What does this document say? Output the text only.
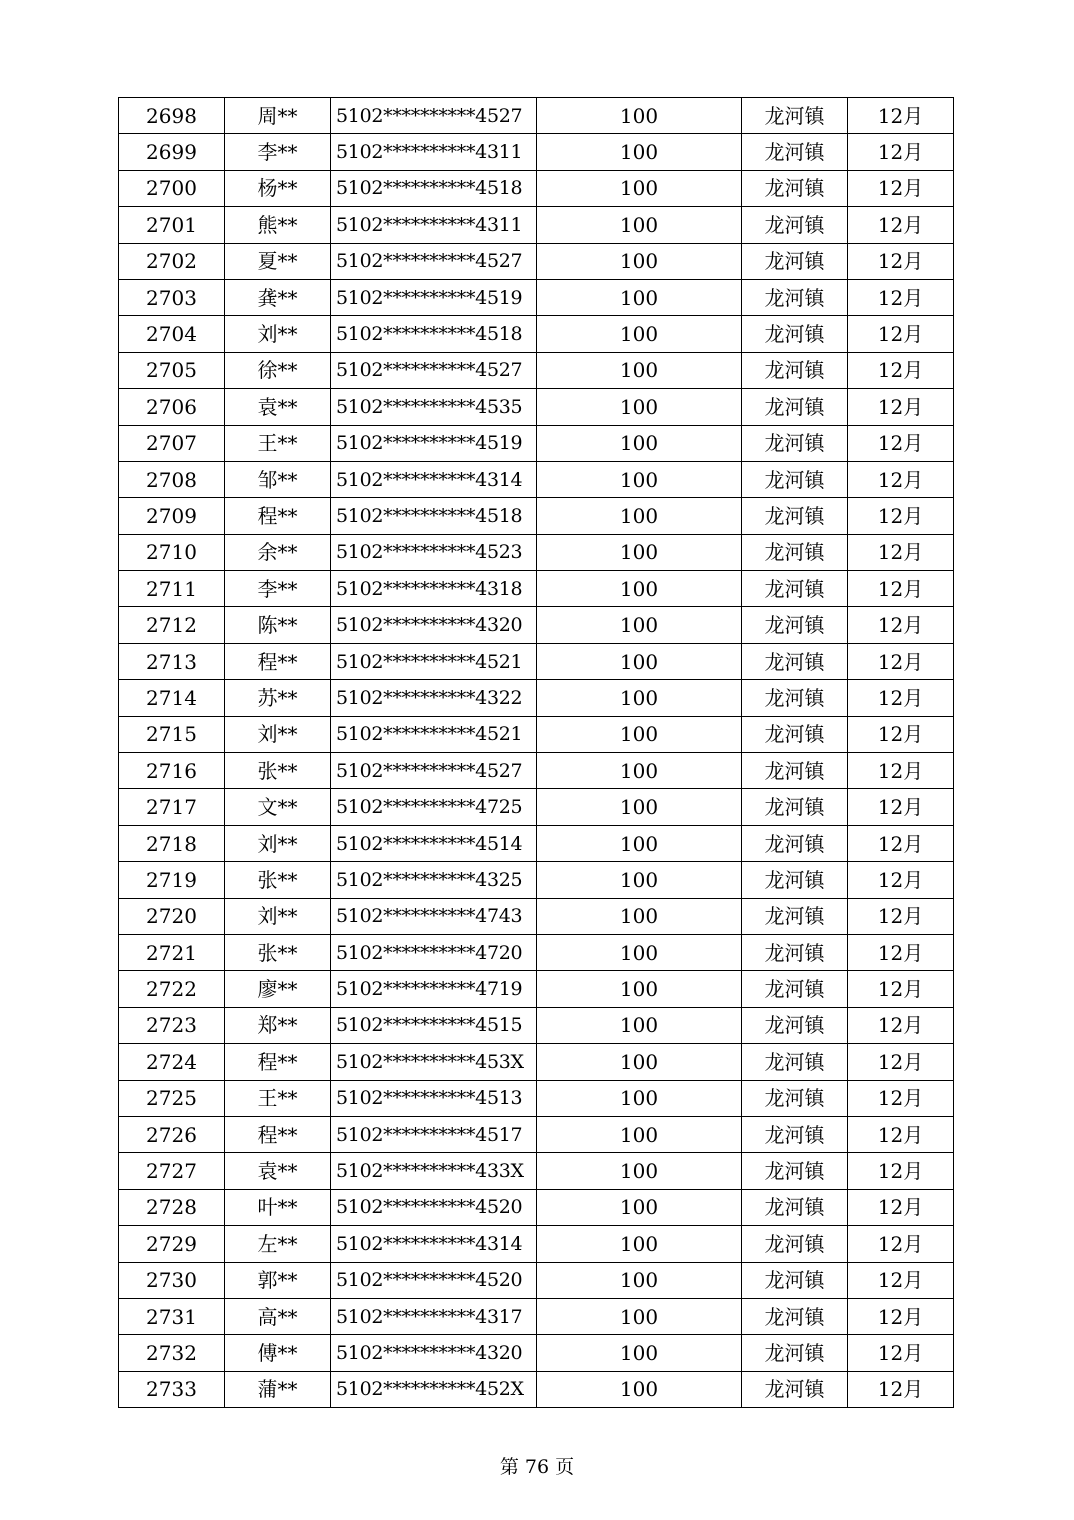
2698	周**	5102**********4527	100	龙河镇	12月
2699	李**	5102**********4311	100	龙河镇	12月
2700	杨**	5102**********4518	100	龙河镇	12月
2701	熊**	5102**********4311	100	龙河镇	12月
2702	夏**	5102**********4527	100	龙河镇	12月
2703	龚**	5102**********4519	100	龙河镇	12月
2704	刘**	5102**********4518	100	龙河镇	12月
2705	徐**	5102**********4527	100	龙河镇	12月
2706	袁**	5102**********4535	100	龙河镇	12月
2707	王**	5102**********4519	100	龙河镇	12月
2708	邹**	5102**********4314	100	龙河镇	12月
2709	程**	5102**********4518	100	龙河镇	12月
2710	余**	5102**********4523	100	龙河镇	12月
2711	李**	5102**********4318	100	龙河镇	12月
2712	陈**	5102**********4320	100	龙河镇	12月
2713	程**	5102**********4521	100	龙河镇	12月
2714	苏**	5102**********4322	100	龙河镇	12月
2715	刘**	5102**********4521	100	龙河镇	12月
2716	张**	5102**********4527	100	龙河镇	12月
2717	文**	5102**********4725	100	龙河镇	12月
2718	刘**	5102**********4514	100	龙河镇	12月
2719	张**	5102**********4325	100	龙河镇	12月
2720	刘**	5102**********4743	100	龙河镇	12月
2721	张**	5102**********4720	100	龙河镇	12月
2722	廖**	5102**********4719	100	龙河镇	12月
2723	郑**	5102**********4515	100	龙河镇	12月
2724	程**	5102**********453X	100	龙河镇	12月
2725	王**	5102**********4513	100	龙河镇	12月
2726	程**	5102**********4517	100	龙河镇	12月
2727	袁**	5102**********433X	100	龙河镇	12月
2728	叶**	5102**********4520	100	龙河镇	12月
2729	左**	5102**********4314	100	龙河镇	12月
2730	郭**	5102**********4520	100	龙河镇	12月
2731	高**	5102**********4317	100	龙河镇	12月
2732	傅**	5102**********4320	100	龙河镇	12月
2733	蒲**	5102**********452X	100	龙河镇	12月
第 76 页
